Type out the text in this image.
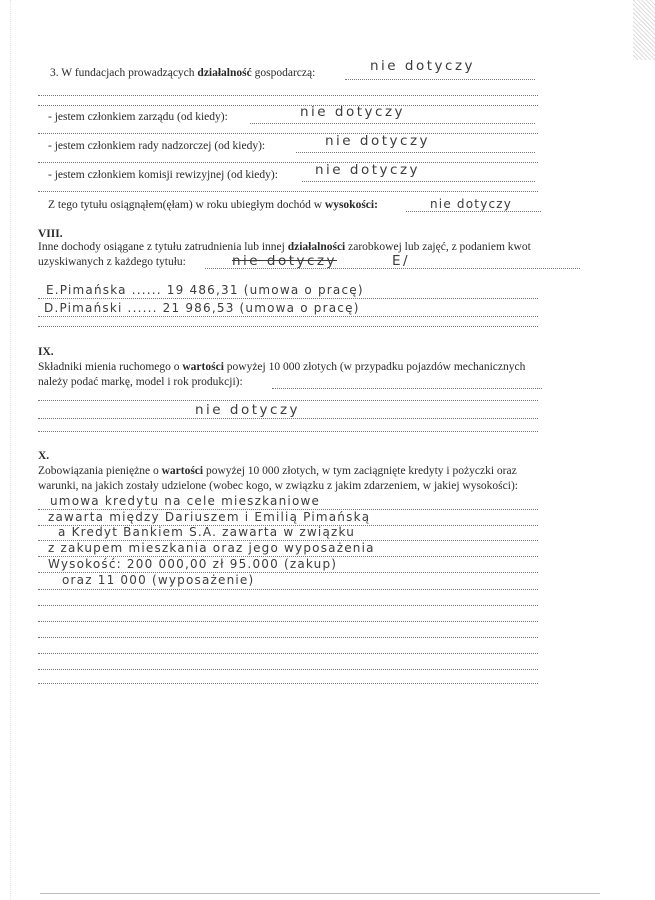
3. W fundacjach prowadzących działalność gospodarczą:	nie dotyczy
- jestem członkiem zarządu (od kiedy):	nie dotyczy
- jestem członkiem rady nadzorczej (od kiedy):	nie dotyczy
- jestem członkiem komisji rewizyjnej (od kiedy):	nie dotyczy
Z tego tytułu osiągnąłem(ęłam) w roku ubiegłym dochód w wysokości:	nie dotyczy
VIII.
Inne dochody osiągane z tytułu zatrudnienia lub innej działalności zarobkowej lub zajęć, z podaniem kwot
uzyskiwanych z każdego tytułu:	nie dotyczy	E/
E.Pimańska ...... 19 486,31 (umowa o pracę)
D.Pimański ...... 21 986,53 (umowa o pracę)
IX.
Składniki mienia ruchomego o wartości powyżej 10 000 złotych (w przypadku pojazdów mechanicznych
należy podać markę, model i rok produkcji):
nie dotyczy
X.
Zobowiązania pieniężne o wartości powyżej 10 000 złotych, w tym zaciągnięte kredyty i pożyczki oraz
warunki, na jakich zostały udzielone (wobec kogo, w związku z jakim zdarzeniem, w jakiej wysokości):
umowa kredytu na cele mieszkaniowe
zawarta między Dariuszem i Emilią Pimańską
a Kredyt Bankiem S.A. zawarta w związku
z zakupem mieszkania oraz jego wyposażenia
Wysokość: 200 000,00 zł 95.000 (zakup)
oraz 11 000 (wyposażenie)
